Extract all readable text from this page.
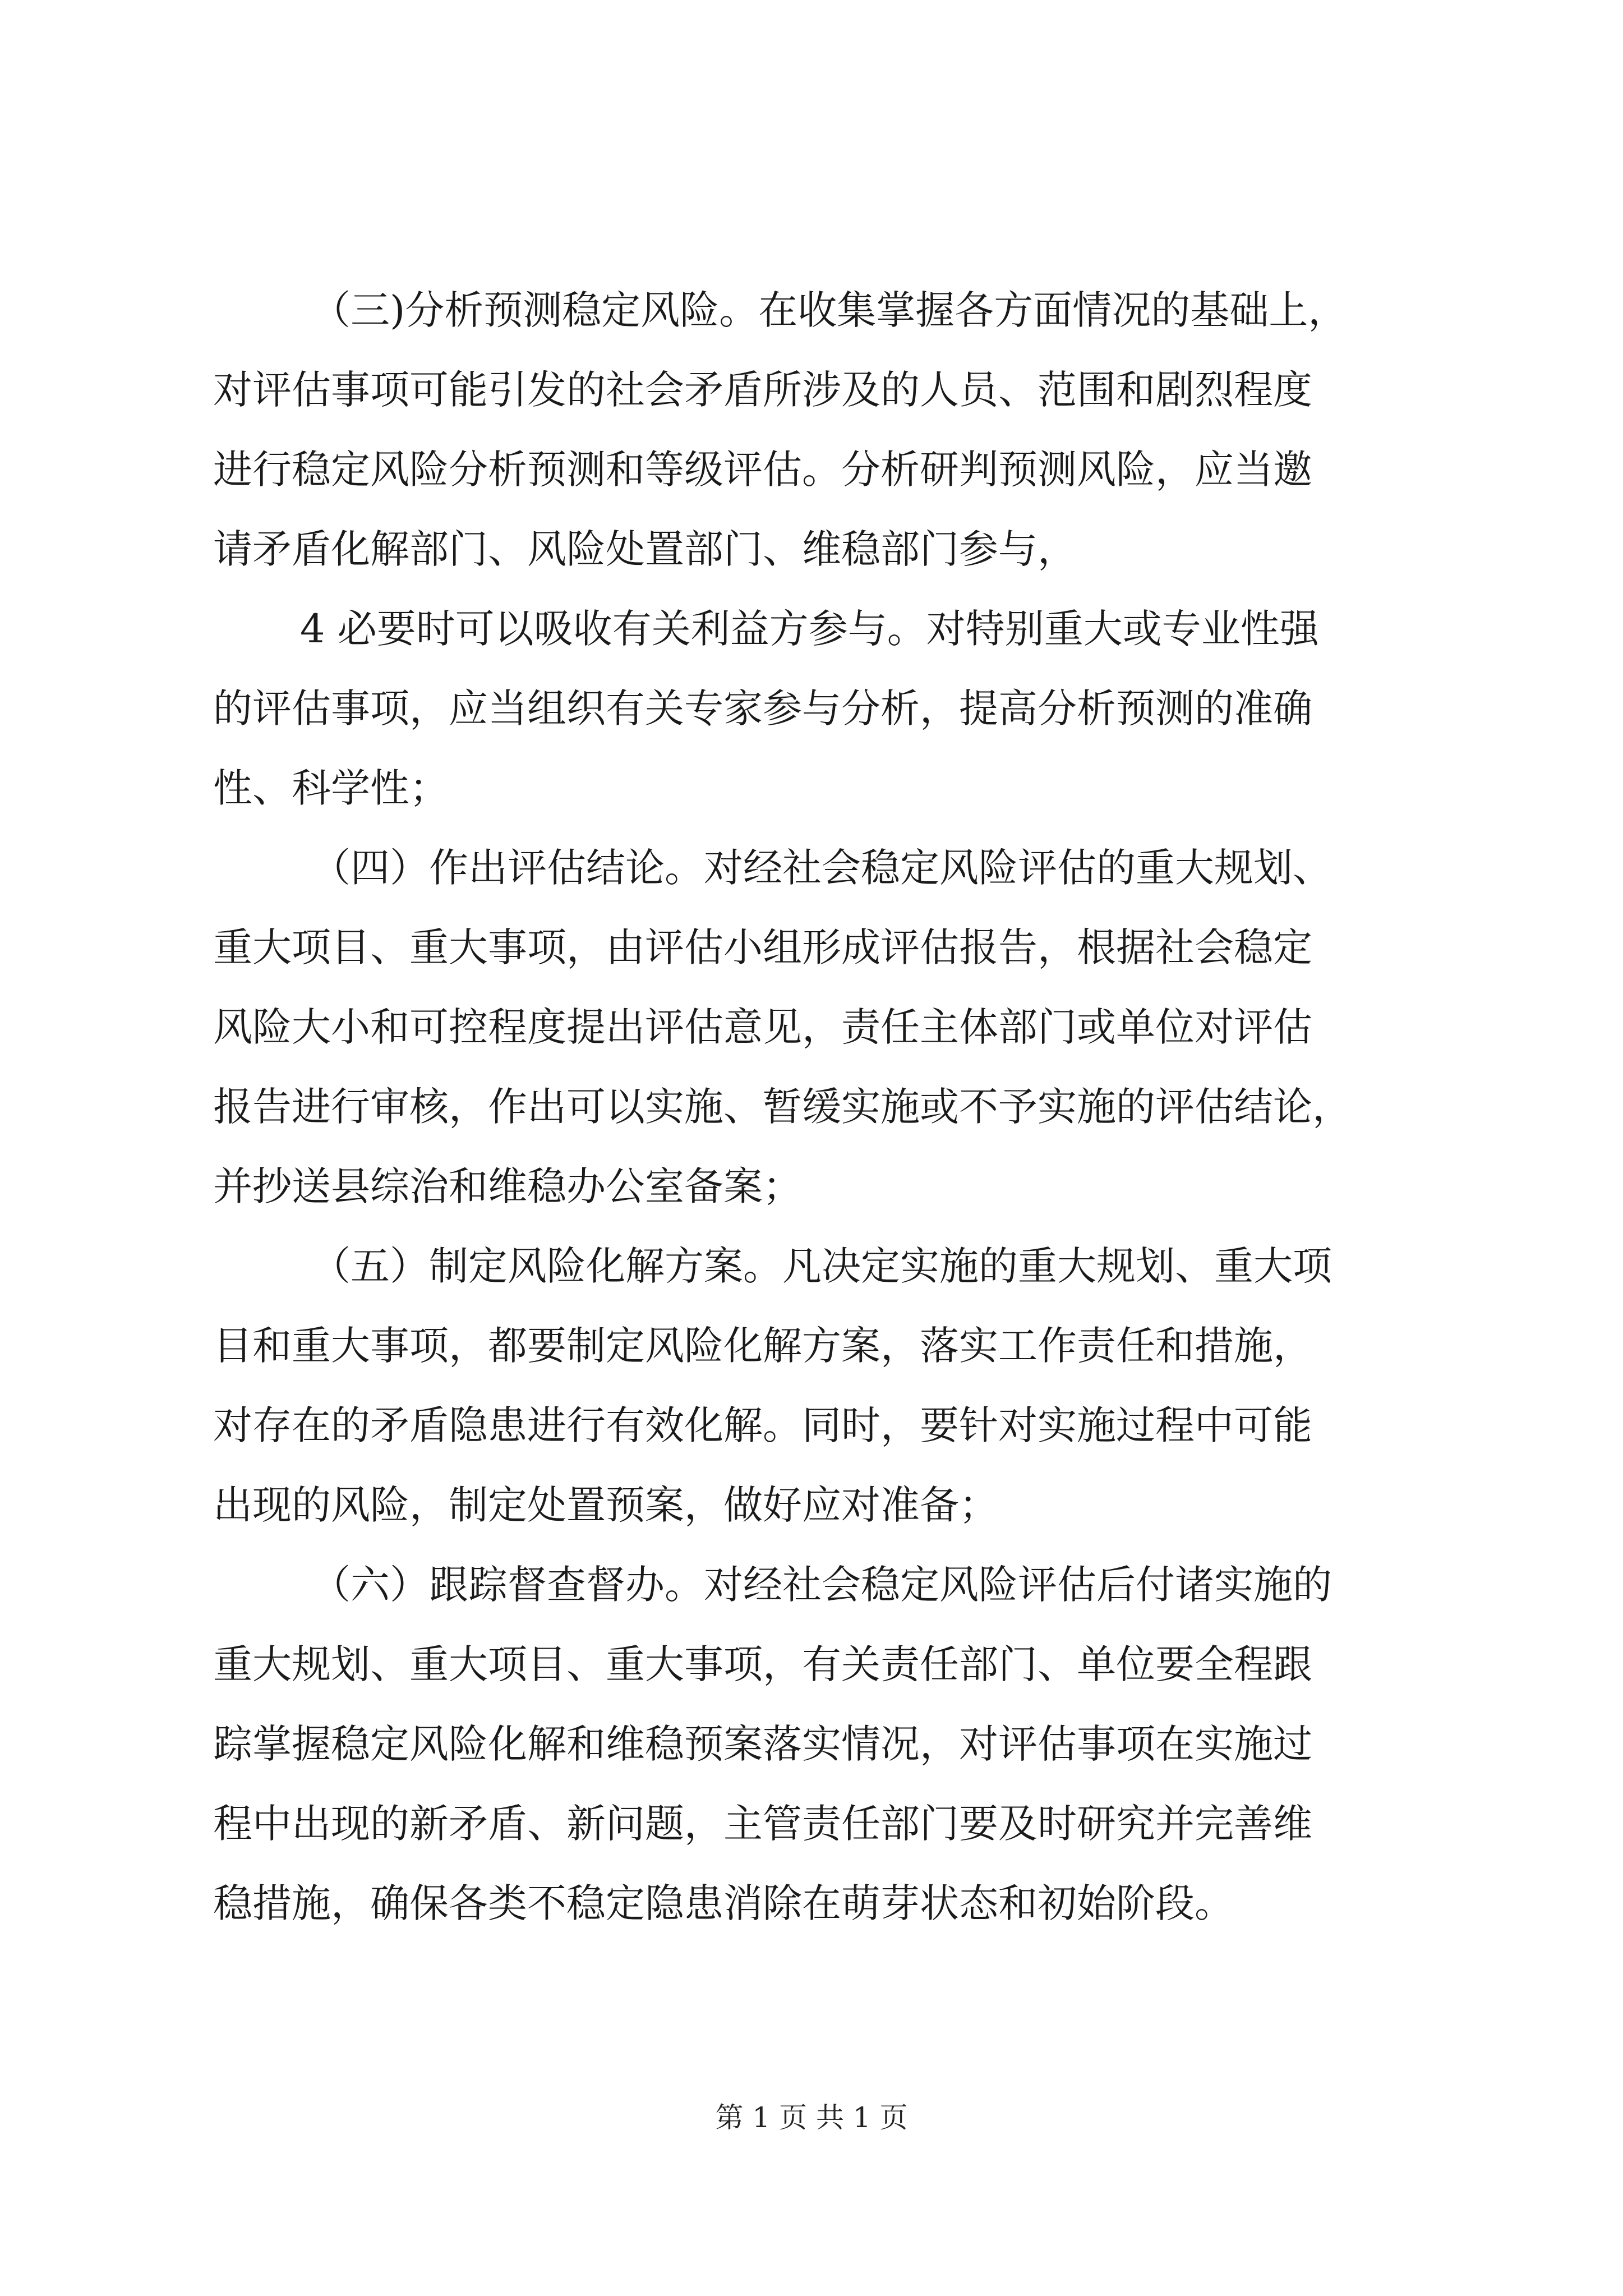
（三)分析预测稳定风险。在收集掌握各方面情况的基础上，
对评估事项可能引发的社会矛盾所涉及的人员、范围和剧烈程度
进行稳定风险分析预测和等级评估。分析研判预测风险，应当邀
请矛盾化解部门、风险处置部门、维稳部门参与，
4 必要时可以吸收有关利益方参与。对特别重大或专业性强
的评估事项，应当组织有关专家参与分析，提高分析预测的准确
性、科学性；
（四）作出评估结论。对经社会稳定风险评估的重大规划、
重大项目、重大事项，由评估小组形成评估报告，根据社会稳定
风险大小和可控程度提出评估意见，责任主体部门或单位对评估
报告进行审核，作出可以实施、暂缓实施或不予实施的评估结论，
并抄送县综治和维稳办公室备案；
（五）制定风险化解方案。凡决定实施的重大规划、重大项
目和重大事项，都要制定风险化解方案，落实工作责任和措施，
对存在的矛盾隐患进行有效化解。同时，要针对实施过程中可能
出现的风险，制定处置预案，做好应对准备；
（六）跟踪督查督办。对经社会稳定风险评估后付诸实施的
重大规划、重大项目、重大事项，有关责任部门、单位要全程跟
踪掌握稳定风险化解和维稳预案落实情况，对评估事项在实施过
程中出现的新矛盾、新问题，主管责任部门要及时研究并完善维
稳措施，确保各类不稳定隐患消除在萌芽状态和初始阶段。
第 1 页 共 1 页
